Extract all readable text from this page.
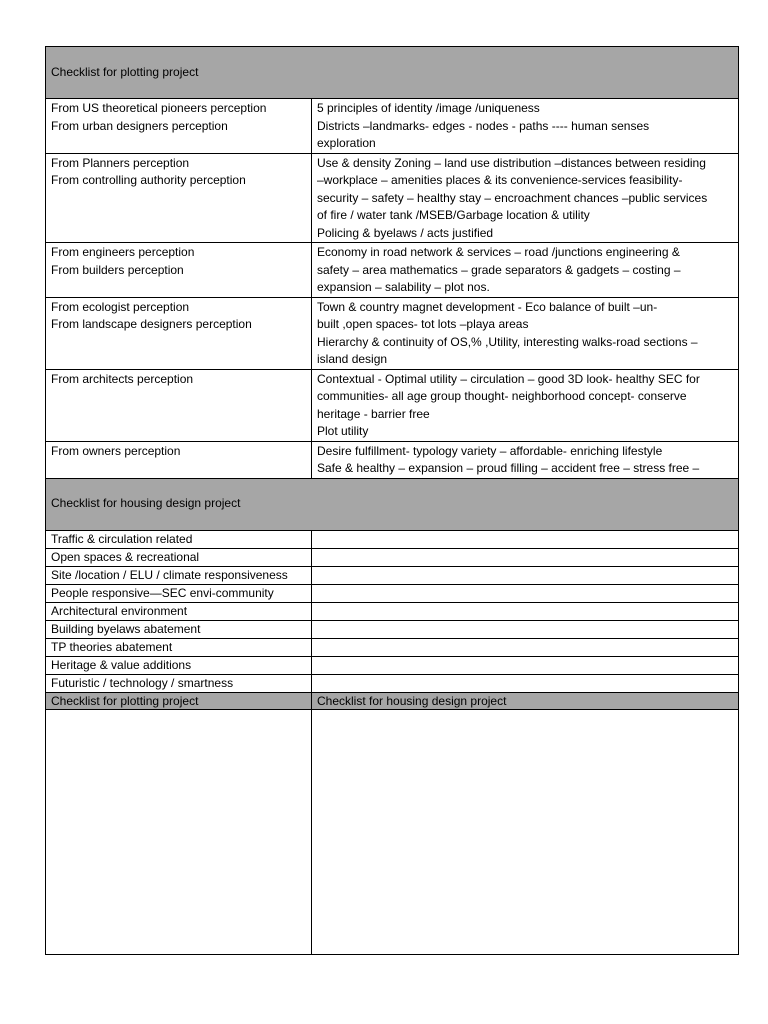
Checklist for plotting project	

From US theoretical pioneers perception
From urban designers perception	5 principles of identity /image /uniqueness
Districts –landmarks- edges - nodes - paths ---- human senses
exploration

From Planners perception
From controlling authority perception	Use & density Zoning – land use distribution –distances between residing
–workplace – amenities places & its convenience-services feasibility-
security – safety – healthy stay – encroachment chances –public services
of fire / water tank /MSEB/Garbage location & utility
Policing & byelaws / acts justified

From engineers perception
From builders perception	Economy in road network & services – road /junctions engineering &
safety – area mathematics – grade separators & gadgets – costing –
expansion – salability – plot nos.

From ecologist perception
From landscape designers perception	Town & country magnet development - Eco balance of built –un-
built ,open spaces- tot lots –playa areas
Hierarchy & continuity of OS,% ,Utility, interesting walks-road sections –
island design

From architects perception	Contextual - Optimal utility – circulation – good 3D look- healthy SEC for
communities- all age group thought- neighborhood concept- conserve
heritage - barrier free
Plot utility

From owners perception	Desire fulfillment- typology variety – affordable- enriching lifestyle
Safe & healthy – expansion – proud filling – accident free – stress free –

Checklist for housing design project	
Traffic & circulation related	
Open spaces & recreational	
Site /location / ELU / climate responsiveness	
People responsive—SEC envi-community	
Architectural environment	
Building byelaws abatement	
TP theories abatement	
Heritage & value additions	
Futuristic / technology / smartness	
Checklist for plotting project	Checklist for housing design project
